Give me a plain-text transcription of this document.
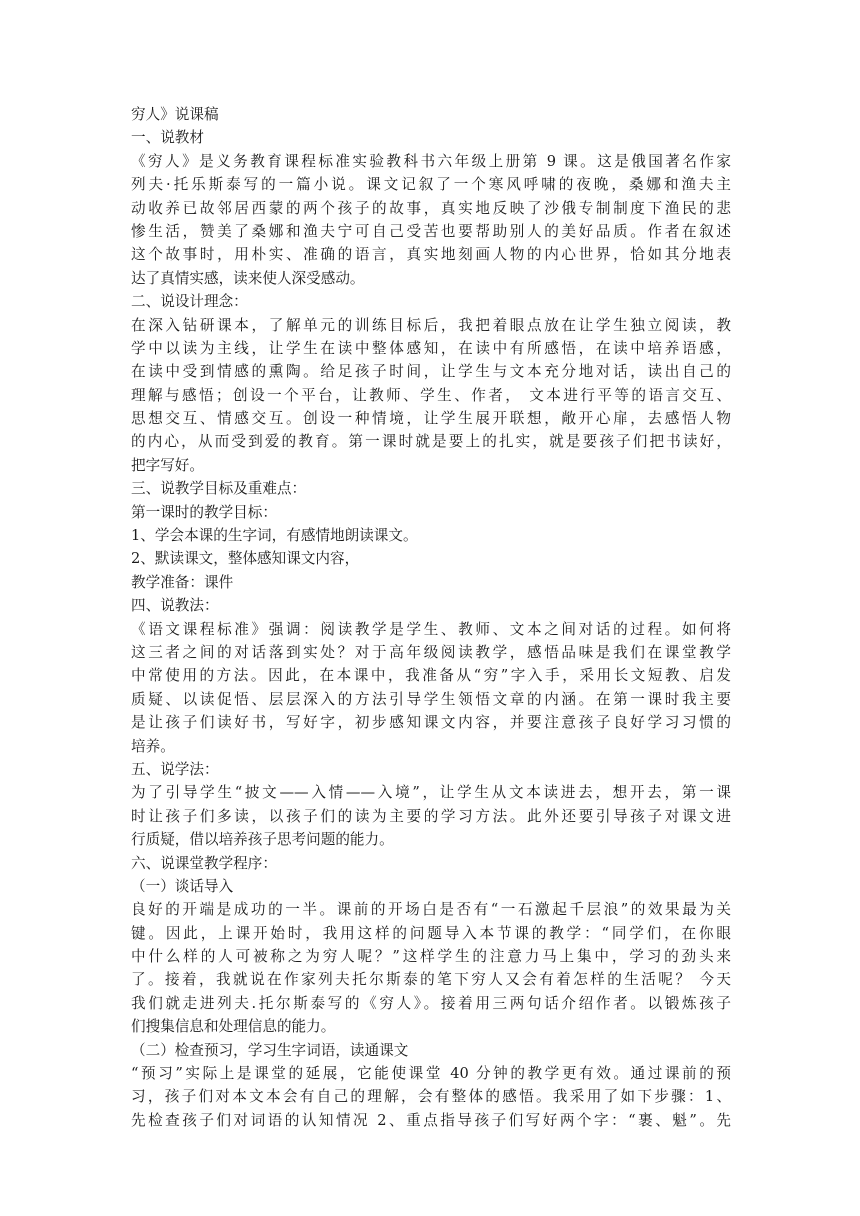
穷人》说课稿
一、说教材
《穷人》是义务教育课程标准实验教科书六年级上册第 9 课。这是俄国著名作家
列夫·托乐斯泰写的一篇小说。课文记叙了一个寒风呼啸的夜晚，桑娜和渔夫主
动收养已故邻居西蒙的两个孩子的故事，真实地反映了沙俄专制制度下渔民的悲
惨生活，赞美了桑娜和渔夫宁可自己受苦也要帮助别人的美好品质。作者在叙述
这个故事时，用朴实、准确的语言，真实地刻画人物的内心世界，恰如其分地表
达了真情实感，读来使人深受感动。
二、说设计理念：
在深入钻研课本，了解单元的训练目标后，我把着眼点放在让学生独立阅读，教
学中以读为主线，让学生在读中整体感知，在读中有所感悟，在读中培养语感，
在读中受到情感的熏陶。给足孩子时间，让学生与文本充分地对话，读出自己的
理解与感悟；创设一个平台，让教师、学生、作者， 文本进行平等的语言交互、
思想交互、情感交互。创设一种情境，让学生展开联想，敞开心扉，去感悟人物
的内心，从而受到爱的教育。第一课时就是要上的扎实，就是要孩子们把书读好，
把字写好。
三、说教学目标及重难点：
第一课时的教学目标：
1、学会本课的生字词，有感情地朗读课文。
2、默读课文，整体感知课文内容，
教学准备：课件
四、说教法：
《语文课程标准》强调：阅读教学是学生、教师、文本之间对话的过程。如何将
这三者之间的对话落到实处？对于高年级阅读教学，感悟品味是我们在课堂教学
中常使用的方法。因此，在本课中，我准备从“穷”字入手，采用长文短教、启发
质疑、以读促悟、层层深入的方法引导学生领悟文章的内涵。在第一课时我主要
是让孩子们读好书，写好字，初步感知课文内容，并要注意孩子良好学习习惯的
培养。
五、说学法：
为了引导学生“披文——入情——入境”，让学生从文本读进去，想开去，第一课
时让孩子们多读，以孩子们的读为主要的学习方法。此外还要引导孩子对课文进
行质疑，借以培养孩子思考问题的能力。
六、说课堂教学程序：
（一）谈话导入
良好的开端是成功的一半。课前的开场白是否有“一石激起千层浪”的效果最为关
键。因此，上课开始时，我用这样的问题导入本节课的教学：“同学们，在你眼
中什么样的人可被称之为穷人呢？”这样学生的注意力马上集中，学习的劲头来
了。接着，我就说在作家列夫托尔斯泰的笔下穷人又会有着怎样的生活呢？ 今天
我们就走进列夫.托尔斯泰写的《穷人》。接着用三两句话介绍作者。以锻炼孩子
们搜集信息和处理信息的能力。
（二）检查预习，学习生字词语，读通课文
“预习”实际上是课堂的延展，它能使课堂 40 分钟的教学更有效。通过课前的预
习，孩子们对本文本会有自己的理解，会有整体的感悟。我采用了如下步骤：1、
先检查孩子们对词语的认知情况 2、重点指导孩子们写好两个字：“裹、魁”。先
